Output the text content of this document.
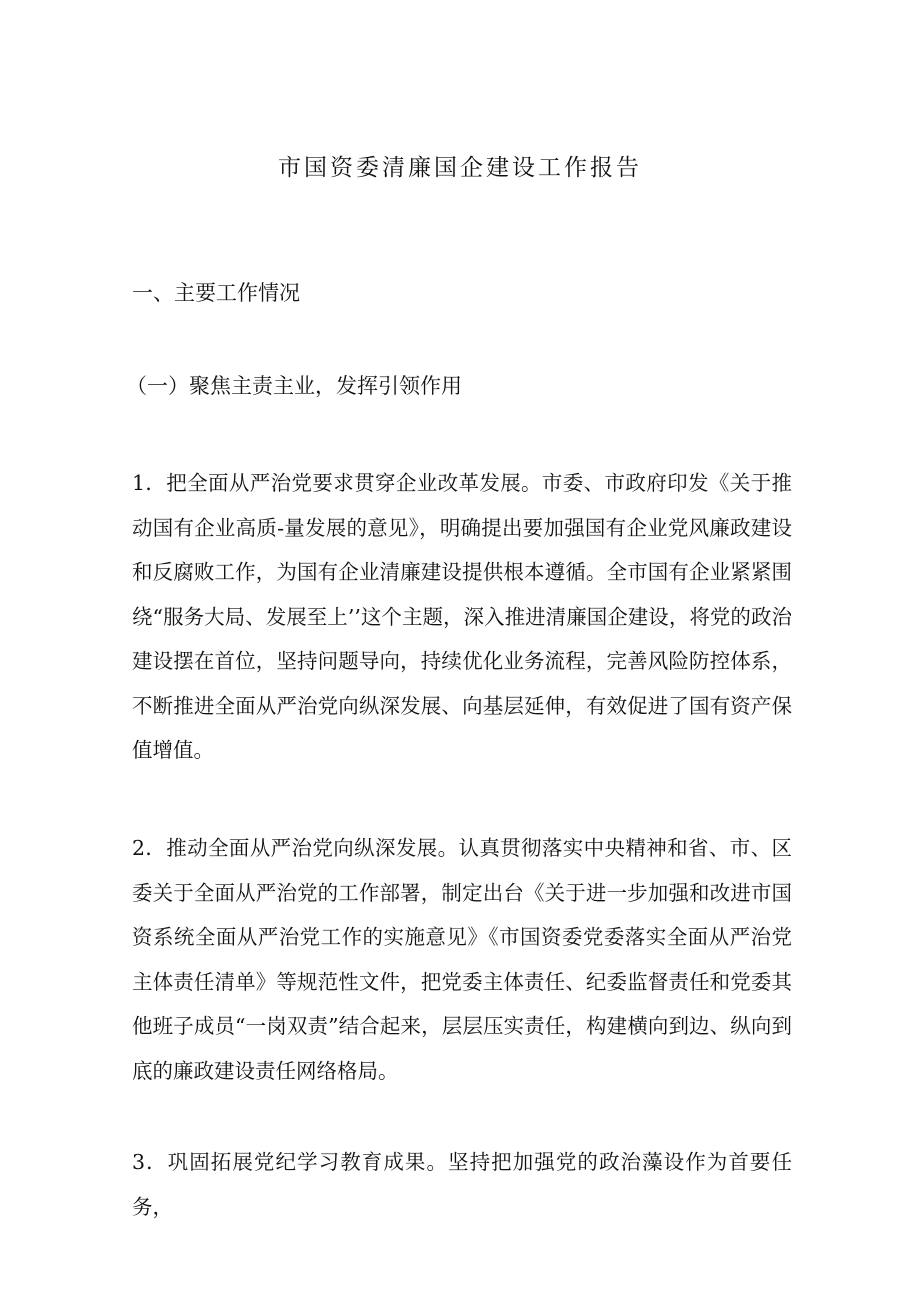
市国资委清廉国企建设工作报告
一、主要工作情况
（一）聚焦主责主业，发挥引领作用

1．把全面从严治党要求贯穿企业改革发展。市委、市政府印发《关于推动国有企业高质-量发展的意见》，明确提出要加强国有企业党风廉政建设和反腐败工作，为国有企业清廉建设提供根本遵循。全市国有企业紧紧围绕“服务大局、发展至上’’这个主题，深入推进清廉国企建设，将党的政治建设摆在首位，坚持问题导向，持续优化业务流程，完善风险防控体系，不断推进全面从严治党向纵深发展、向基层延伸，有效促进了国有资产保值增值。

2．推动全面从严治党向纵深发展。认真贯彻落实中央精神和省、市、区委关于全面从严治党的工作部署，制定出台《关于进一步加强和改进市国资系统全面从严治党工作的实施意见》《市国资委党委落实全面从严治党主体责任清单》等规范性文件，把党委主体责任、纪委监督责任和党委其他班子成员“一岗双责”结合起来，层层压实责任，构建横向到边、纵向到底的廉政建设责任网络格局。

3．巩固拓展党纪学习教育成果。坚持把加强党的政治藻设作为首要任务，
